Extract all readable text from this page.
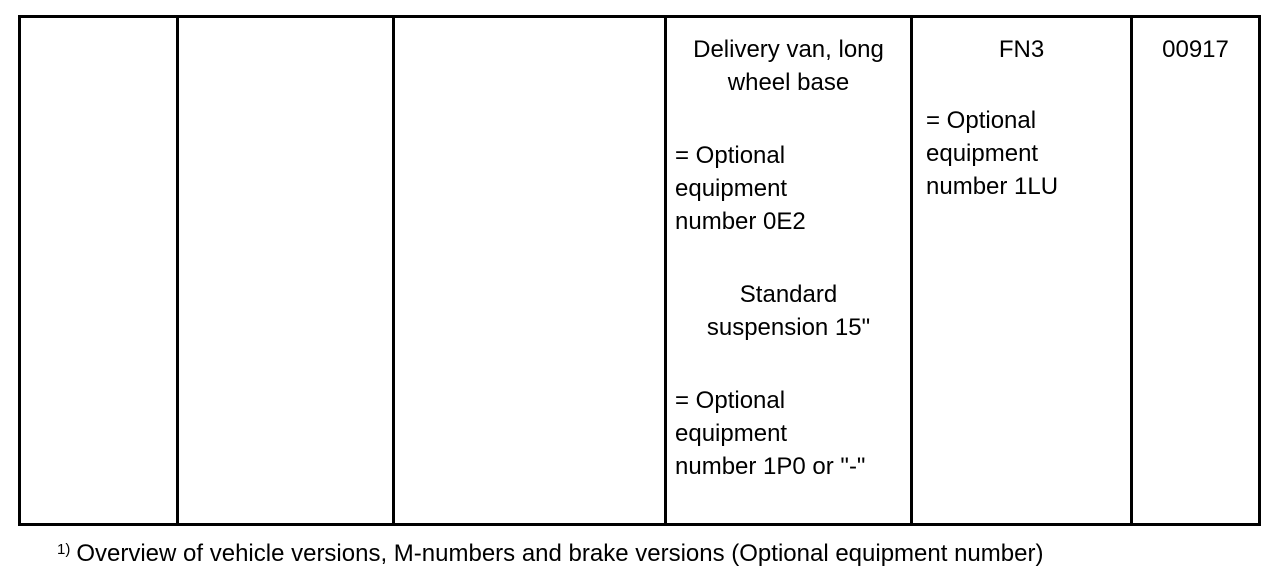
Delivery van, long
wheel base
= Optional
equipment
number 0E2
Standard
suspension 15"
= Optional
equipment
number 1P0 or "-"
FN3
= Optional
equipment
number 1LU
00917
$^{1)}$ Overview of vehicle versions, M-numbers and brake versions (Optional equipment number)
